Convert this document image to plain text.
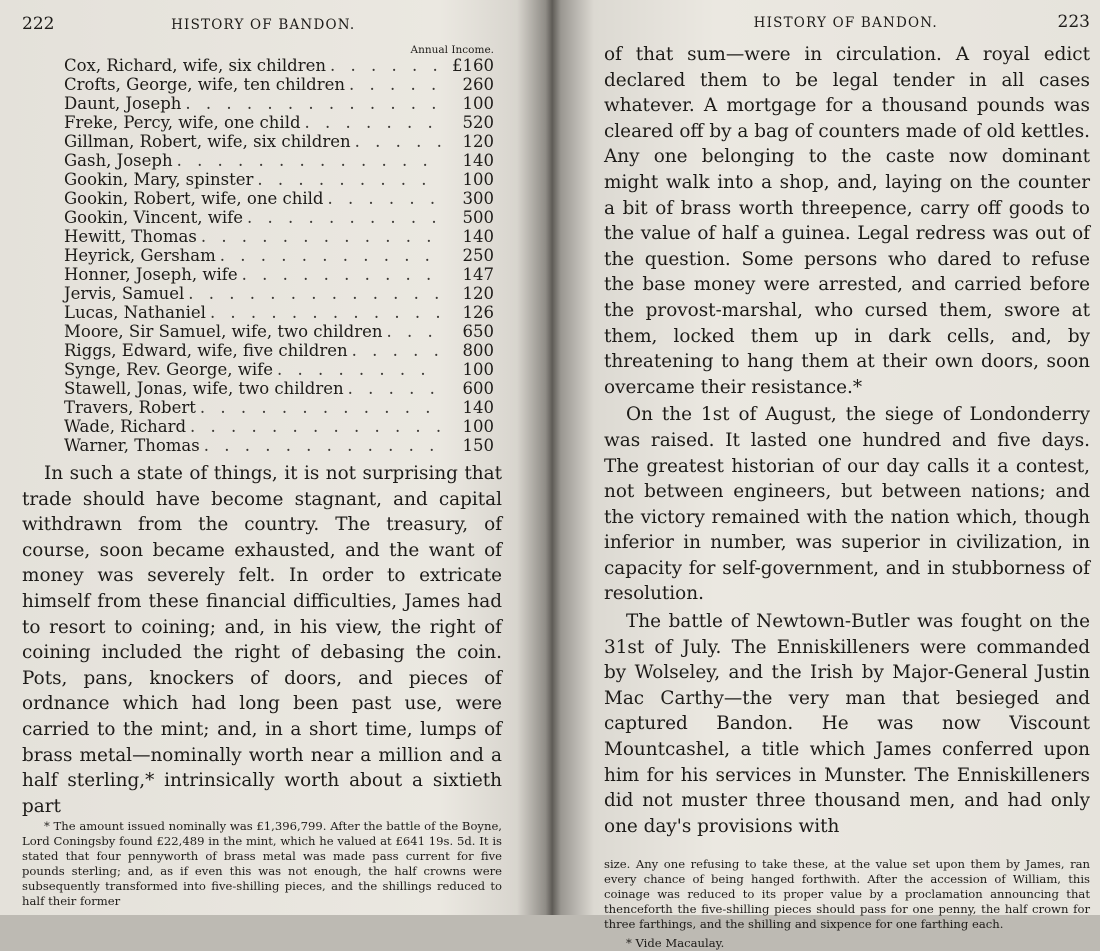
222	HISTORY OF BANDON.
Annual Income.
Cox, Richard, wife, six children . . .	£160
Crofts, George, wife, ten children . . .	260
Daunt, Joseph . . .	100
Freke, Percy, wife, one child . . .	520
Gillman, Robert, wife, six children . . .	120
Gash, Joseph . . .	140
Gookin, Mary, spinster . . .	100
Gookin, Robert, wife, one child . . .	300
Gookin, Vincent, wife . . .	500
Hewitt, Thomas . . .	140
Heyrick, Gersham . . .	250
Honner, Joseph, wife . . .	147
Jervis, Samuel . . .	120
Lucas, Nathaniel . . .	126
Moore, Sir Samuel, wife, two children . . .	650
Riggs, Edward, wife, five children . . .	800
Synge, Rev. George, wife . . .	100
Stawell, Jonas, wife, two children . . .	600
Travers, Robert . . .	140
Wade, Richard . . .	100
Warner, Thomas . . .	150

In such a state of things, it is not surprising that trade should have become stagnant, and capital withdrawn from the country. The treasury, of course, soon became exhausted, and the want of money was severely felt. In order to extricate himself from these financial difficulties, James had to resort to coining; and, in his view, the right of coining included the right of debasing the coin. Pots, pans, knockers of doors, and pieces of ordnance which had long been past use, were carried to the mint; and, in a short time, lumps of brass metal—nominally worth near a million and a half sterling,* intrinsically worth about a sixtieth part

* The amount issued nominally was £1,396,799. After the battle of the Boyne, Lord Coningsby found £22,489 in the mint, which he valued at £641 19s. 5d. It is stated that four pennyworth of brass metal was made pass current for five pounds sterling; and, as if even this was not enough, the half crowns were subsequently transformed into five-shilling pieces, and the shillings reduced to half their former

HISTORY OF BANDON.	223

of that sum—were in circulation. A royal edict declared them to be legal tender in all cases whatever. A mortgage for a thousand pounds was cleared off by a bag of counters made of old kettles. Any one belonging to the caste now dominant might walk into a shop, and, laying on the counter a bit of brass worth threepence, carry off goods to the value of half a guinea. Legal redress was out of the question. Some persons who dared to refuse the base money were arrested, and carried before the provost-marshal, who cursed them, swore at them, locked them up in dark cells, and, by threatening to hang them at their own doors, soon overcame their resistance.*

On the 1st of August, the siege of Londonderry was raised. It lasted one hundred and five days. The greatest historian of our day calls it a contest, not between engineers, but between nations; and the victory remained with the nation which, though inferior in number, was superior in civilization, in capacity for self-government, and in stubborness of resolution.

The battle of Newtown-Butler was fought on the 31st of July. The Enniskilleners were commanded by Wolseley, and the Irish by Major-General Justin Mac Carthy—the very man that besieged and captured Bandon. He was now Viscount Mountcashel, a title which James conferred upon him for his services in Munster. The Enniskilleners did not muster three thousand men, and had only one day's provisions with

size. Any one refusing to take these, at the value set upon them by James, ran every chance of being hanged forthwith. After the accession of William, this coinage was reduced to its proper value by a proclamation announcing that thenceforth the five-shilling pieces should pass for one penny, the half crown for three farthings, and the shilling and sixpence for one farthing each.

* Vide Macaulay.
